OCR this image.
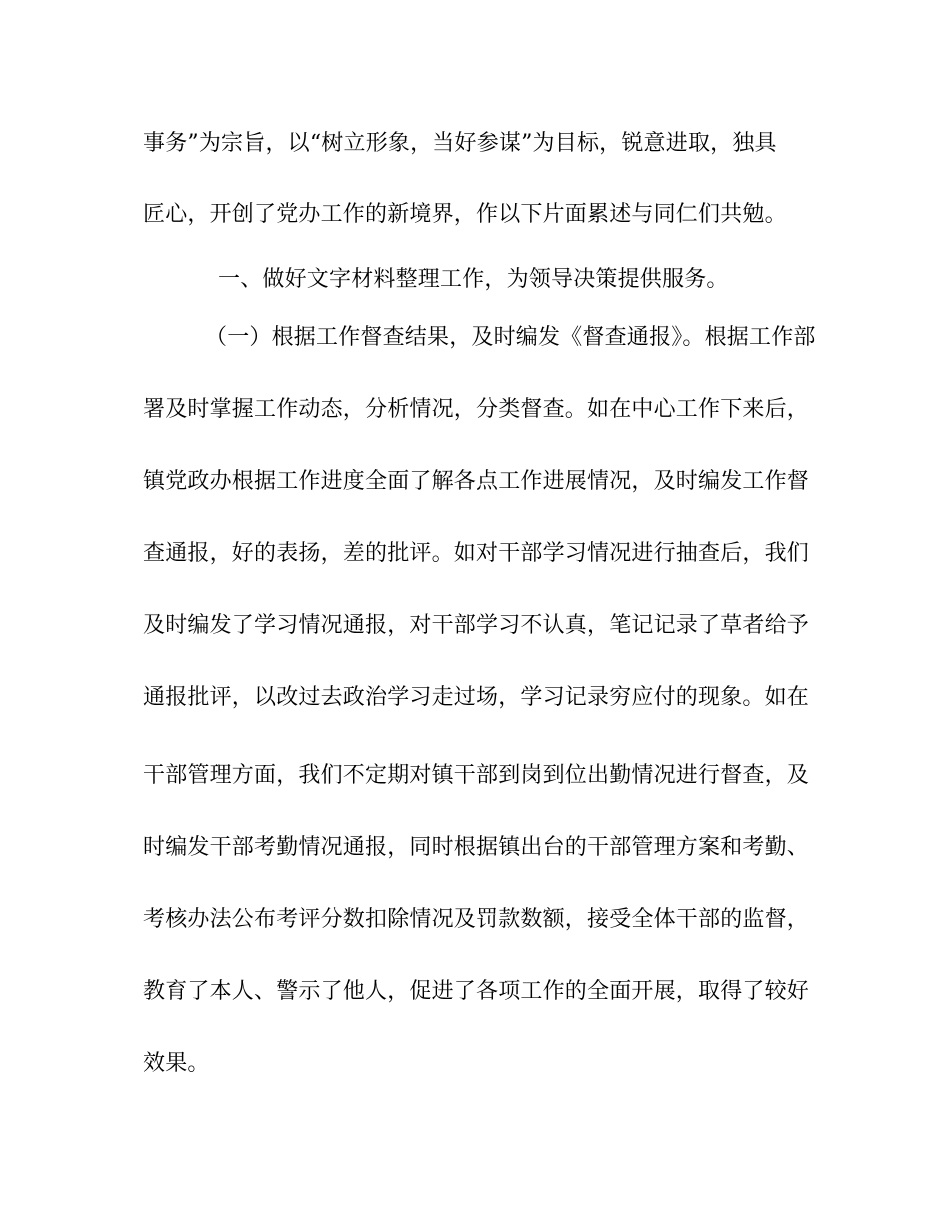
事务”为宗旨，以“树立形象，当好参谋”为目标，锐意进取，独具
匠心，开创了党办工作的新境界，作以下片面累述与同仁们共勉。
一、做好文字材料整理工作，为领导决策提供服务。
（一）根据工作督查结果，及时编发《督查通报》。根据工作部
署及时掌握工作动态，分析情况，分类督查。如在中心工作下来后，
镇党政办根据工作进度全面了解各点工作进展情况，及时编发工作督
查通报，好的表扬，差的批评。如对干部学习情况进行抽查后，我们
及时编发了学习情况通报，对干部学习不认真，笔记记录了草者给予
通报批评，以改过去政治学习走过场，学习记录穷应付的现象。如在
干部管理方面，我们不定期对镇干部到岗到位出勤情况进行督查，及
时编发干部考勤情况通报，同时根据镇出台的干部管理方案和考勤、
考核办法公布考评分数扣除情况及罚款数额，接受全体干部的监督，
教育了本人、警示了他人，促进了各项工作的全面开展，取得了较好
效果。
